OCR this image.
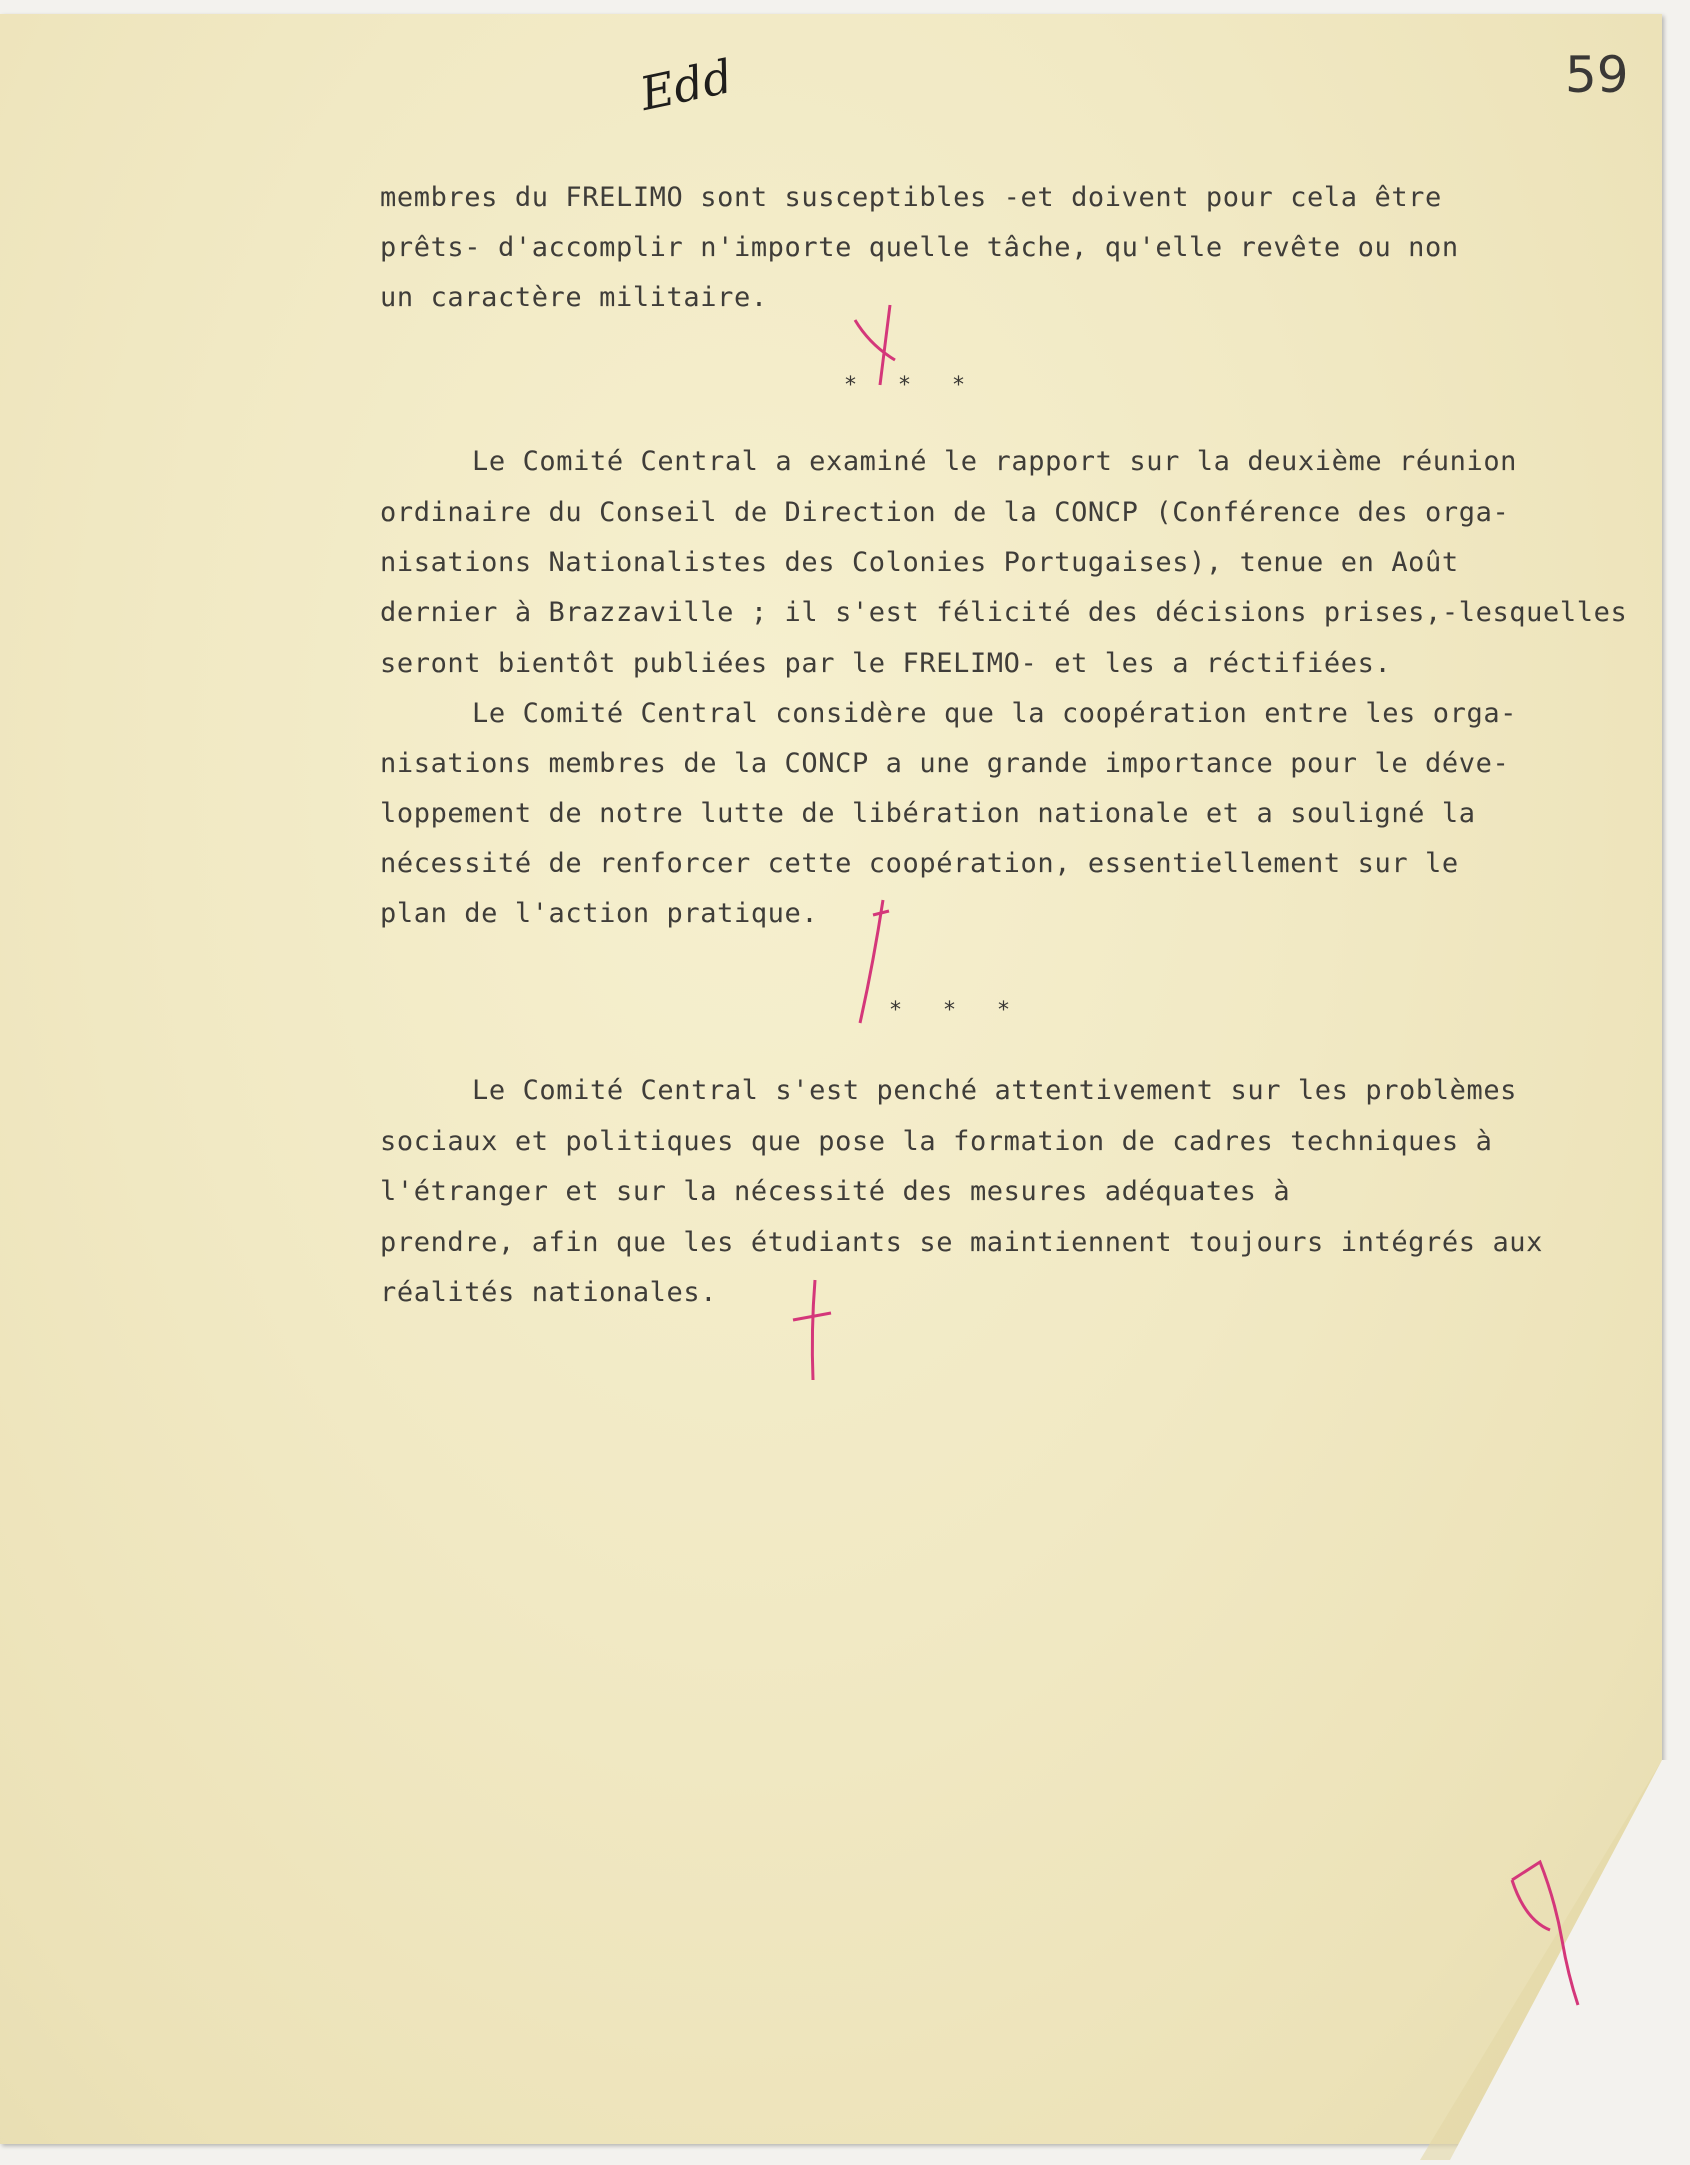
Edd	59
membres du FRELIMO sont susceptibles -et doivent pour cela être
prêts- d'accomplir n'importe quelle tâche, qu'elle revête ou non
un caractère militaire.
* * *
Le Comité Central a examiné le rapport sur la deuxième réunion
ordinaire du Conseil de Direction de la CONCP (Conférence des orga-
nisations Nationalistes des Colonies Portugaises), tenue en Août
dernier à Brazzaville ; il s'est félicité des décisions prises,-lesquelles
seront bientôt publiées par le FRELIMO- et les a réctifiées.
Le Comité Central considère que la coopération entre les orga-
nisations membres de la CONCP a une grande importance pour le déve-
loppement de notre lutte de libération nationale et a souligné la
nécessité de renforcer cette coopération, essentiellement sur le
plan de l'action pratique.
* * *
Le Comité Central s'est penché attentivement sur les problèmes
sociaux et politiques que pose la formation de cadres techniques à
l'étranger et sur la nécessité des mesures adéquates à
prendre, afin que les étudiants se maintiennent toujours intégrés aux
réalités nationales.
